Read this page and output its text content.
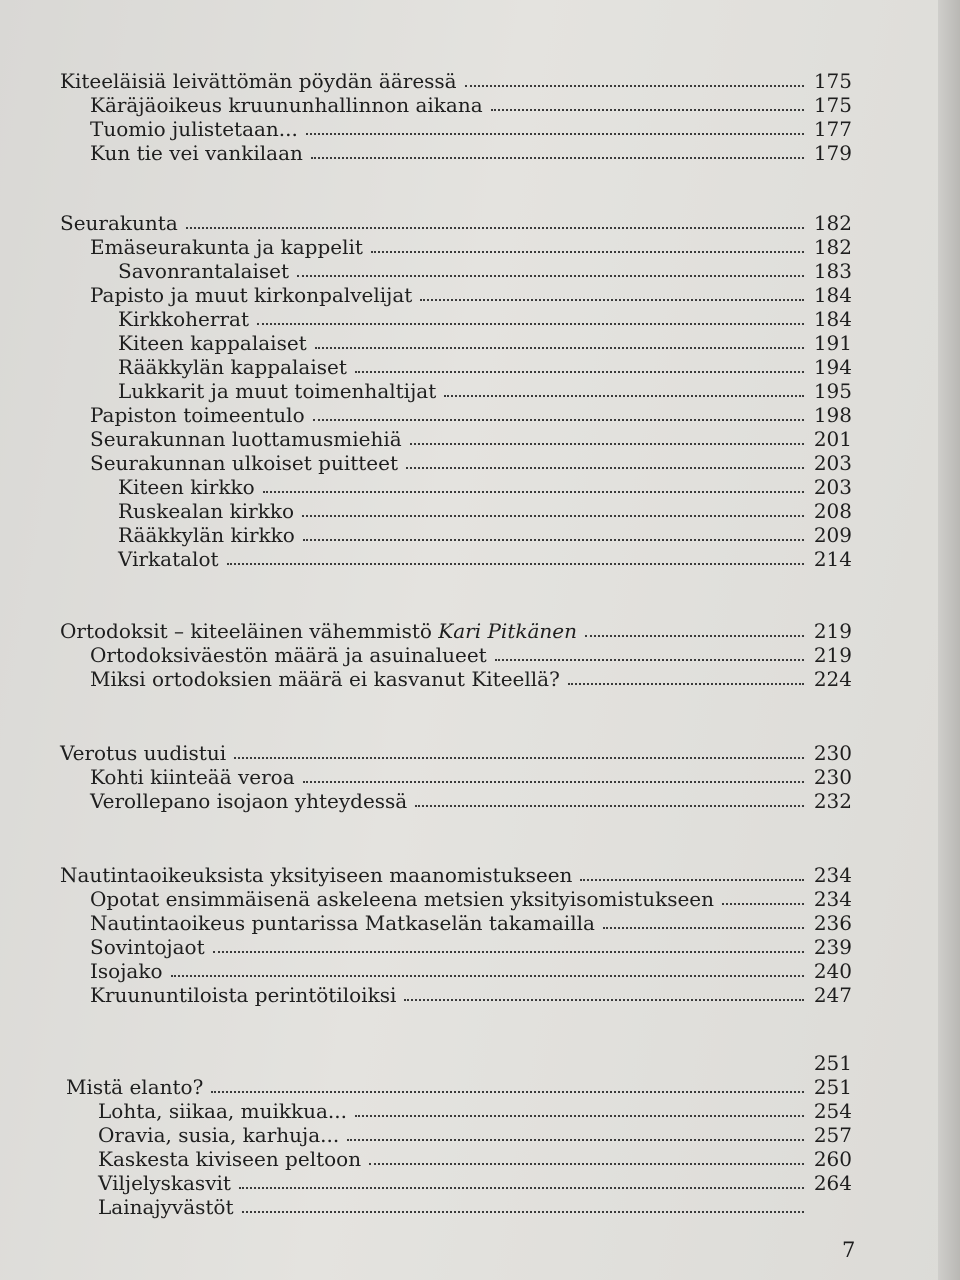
Kiteeläisiä leivättömän pöydän ääressä	175
Käräjäoikeus kruununhallinnon aikana	175
Tuomio julistetaan...	177
Kun tie vei vankilaan	179
Seurakunta	182
Emäseurakunta ja kappelit	182
Savonrantalaiset	183
Papisto ja muut kirkonpalvelijat	184
Kirkkoherrat	184
Kiteen kappalaiset	191
Rääkkylän kappalaiset	194
Lukkarit ja muut toimenhaltijat	195
Papiston toimeentulo	198
Seurakunnan luottamusmiehiä	201
Seurakunnan ulkoiset puitteet	203
Kiteen kirkko	203
Ruskealan kirkko	208
Rääkkylän kirkko	209
Virkatalot	214
Ortodoksit – kiteeläinen vähemmistö Kari Pitkänen	219
Ortodoksiväestön määrä ja asuinalueet	219
Miksi ortodoksien määrä ei kasvanut Kiteellä?	224
Verotus uudistui	230
Kohti kiinteää veroa	230
Verollepano isojaon yhteydessä	232
Nautintaoikeuksista yksityiseen maanomistukseen	234
Opotat ensimmäisenä askeleena metsien yksityisomistukseen	234
Nautintaoikeus puntarissa Matkaselän takamailla	236
Sovintojaot	239
Isojako	240
Kruununtiloista perintötiloiksi	247
251
Mistä elanto?	251
Lohta, siikaa, muikkua...	254
Oravia, susia, karhuja...	257
Kaskesta kiviseen peltoon	260
Viljelyskasvit	264
Lainajyvästöt
7
